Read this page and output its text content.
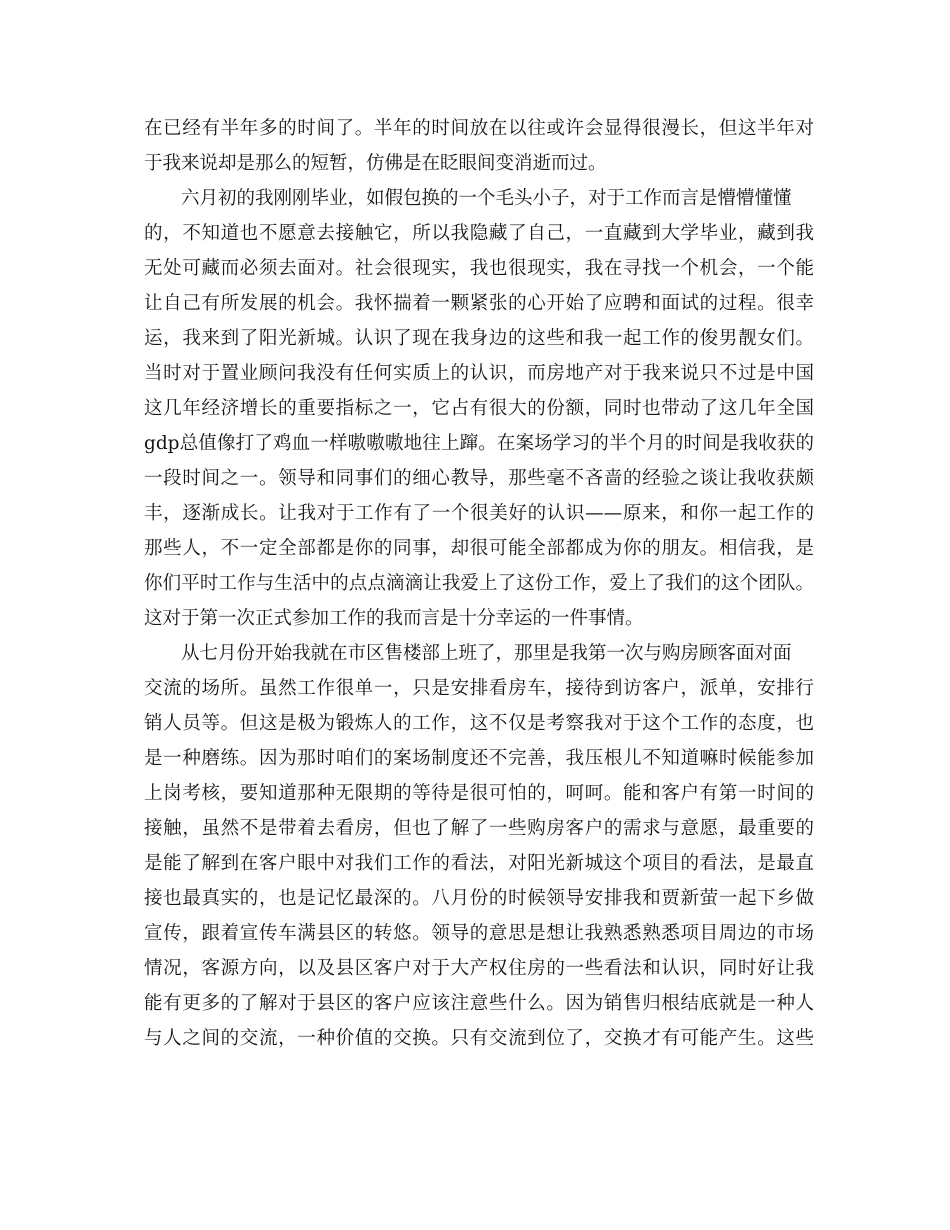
在已经有半年多的时间了。半年的时间放在以往或许会显得很漫长，但这半年对
于我来说却是那么的短暂，仿佛是在眨眼间变消逝而过。
六月初的我刚刚毕业，如假包换的一个毛头小子，对于工作而言是懵懵懂懂
的，不知道也不愿意去接触它，所以我隐藏了自己，一直藏到大学毕业，藏到我
无处可藏而必须去面对。社会很现实，我也很现实，我在寻找一个机会，一个能
让自己有所发展的机会。我怀揣着一颗紧张的心开始了应聘和面试的过程。很幸
运，我来到了阳光新城。认识了现在我身边的这些和我一起工作的俊男靓女们。
当时对于置业顾问我没有任何实质上的认识，而房地产对于我来说只不过是中国
这几年经济增长的重要指标之一，它占有很大的份额，同时也带动了这几年全国
gdp总值像打了鸡血一样嗷嗷嗷地往上蹿。在案场学习的半个月的时间是我收获的
一段时间之一。领导和同事们的细心教导，那些毫不吝啬的经验之谈让我收获颇
丰，逐渐成长。让我对于工作有了一个很美好的认识——原来，和你一起工作的
那些人，不一定全部都是你的同事，却很可能全部都成为你的朋友。相信我，是
你们平时工作与生活中的点点滴滴让我爱上了这份工作，爱上了我们的这个团队。
这对于第一次正式参加工作的我而言是十分幸运的一件事情。
从七月份开始我就在市区售楼部上班了，那里是我第一次与购房顾客面对面
交流的场所。虽然工作很单一，只是安排看房车，接待到访客户，派单，安排行
销人员等。但这是极为锻炼人的工作，这不仅是考察我对于这个工作的态度，也
是一种磨练。因为那时咱们的案场制度还不完善，我压根儿不知道嘛时候能参加
上岗考核，要知道那种无限期的等待是很可怕的，呵呵。能和客户有第一时间的
接触，虽然不是带着去看房，但也了解了一些购房客户的需求与意愿，最重要的
是能了解到在客户眼中对我们工作的看法，对阳光新城这个项目的看法，是最直
接也最真实的，也是记忆最深的。八月份的时候领导安排我和贾新萤一起下乡做
宣传，跟着宣传车满县区的转悠。领导的意思是想让我熟悉熟悉项目周边的市场
情况，客源方向，以及县区客户对于大产权住房的一些看法和认识，同时好让我
能有更多的了解对于县区的客户应该注意些什么。因为销售归根结底就是一种人
与人之间的交流，一种价值的交换。只有交流到位了，交换才有可能产生。这些
